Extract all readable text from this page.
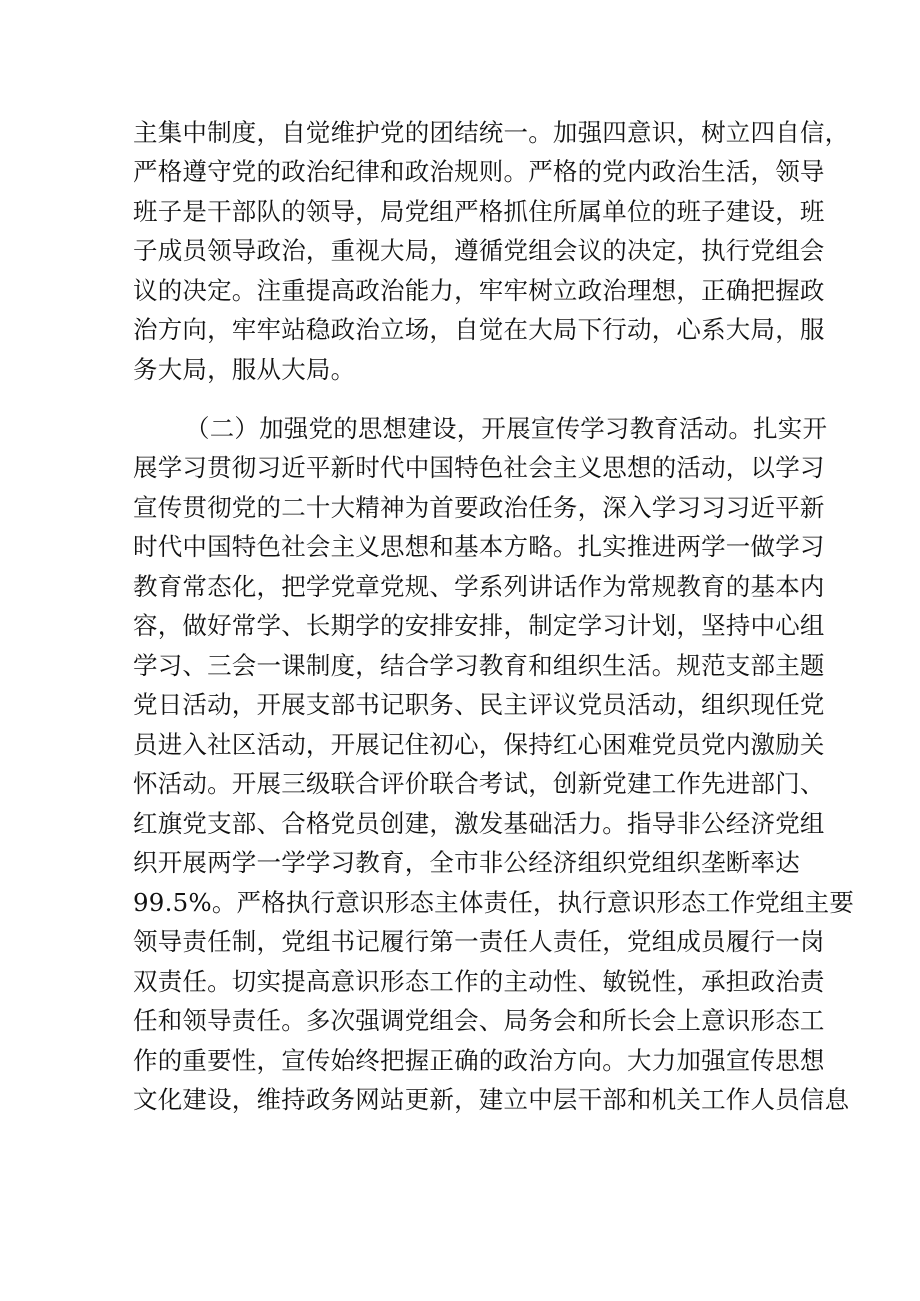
主集中制度，自觉维护党的团结统一。加强四意识，树立四自信，
严格遵守党的政治纪律和政治规则。严格的党内政治生活，领导
班子是干部队的领导，局党组严格抓住所属单位的班子建设，班
子成员领导政治，重视大局，遵循党组会议的决定，执行党组会
议的决定。注重提高政治能力，牢牢树立政治理想，正确把握政
治方向，牢牢站稳政治立场，自觉在大局下行动，心系大局，服
务大局，服从大局。
（二）加强党的思想建设，开展宣传学习教育活动。扎实开
展学习贯彻习近平新时代中国特色社会主义思想的活动，以学习
宣传贯彻党的二十大精神为首要政治任务，深入学习习习近平新
时代中国特色社会主义思想和基本方略。扎实推进两学一做学习
教育常态化，把学党章党规、学系列讲话作为常规教育的基本内
容，做好常学、长期学的安排安排，制定学习计划，坚持中心组
学习、三会一课制度，结合学习教育和组织生活。规范支部主题
党日活动，开展支部书记职务、民主评议党员活动，组织现任党
员进入社区活动，开展记住初心，保持红心困难党员党内激励关
怀活动。开展三级联合评价联合考试，创新党建工作先进部门、
红旗党支部、合格党员创建，激发基础活力。指导非公经济党组
织开展两学一学学习教育，全市非公经济组织党组织垄断率达
99.5%。严格执行意识形态主体责任，执行意识形态工作党组主要
领导责任制，党组书记履行第一责任人责任，党组成员履行一岗
双责任。切实提高意识形态工作的主动性、敏锐性，承担政治责
任和领导责任。多次强调党组会、局务会和所长会上意识形态工
作的重要性，宣传始终把握正确的政治方向。大力加强宣传思想
文化建设，维持政务网站更新，建立中层干部和机关工作人员信息
